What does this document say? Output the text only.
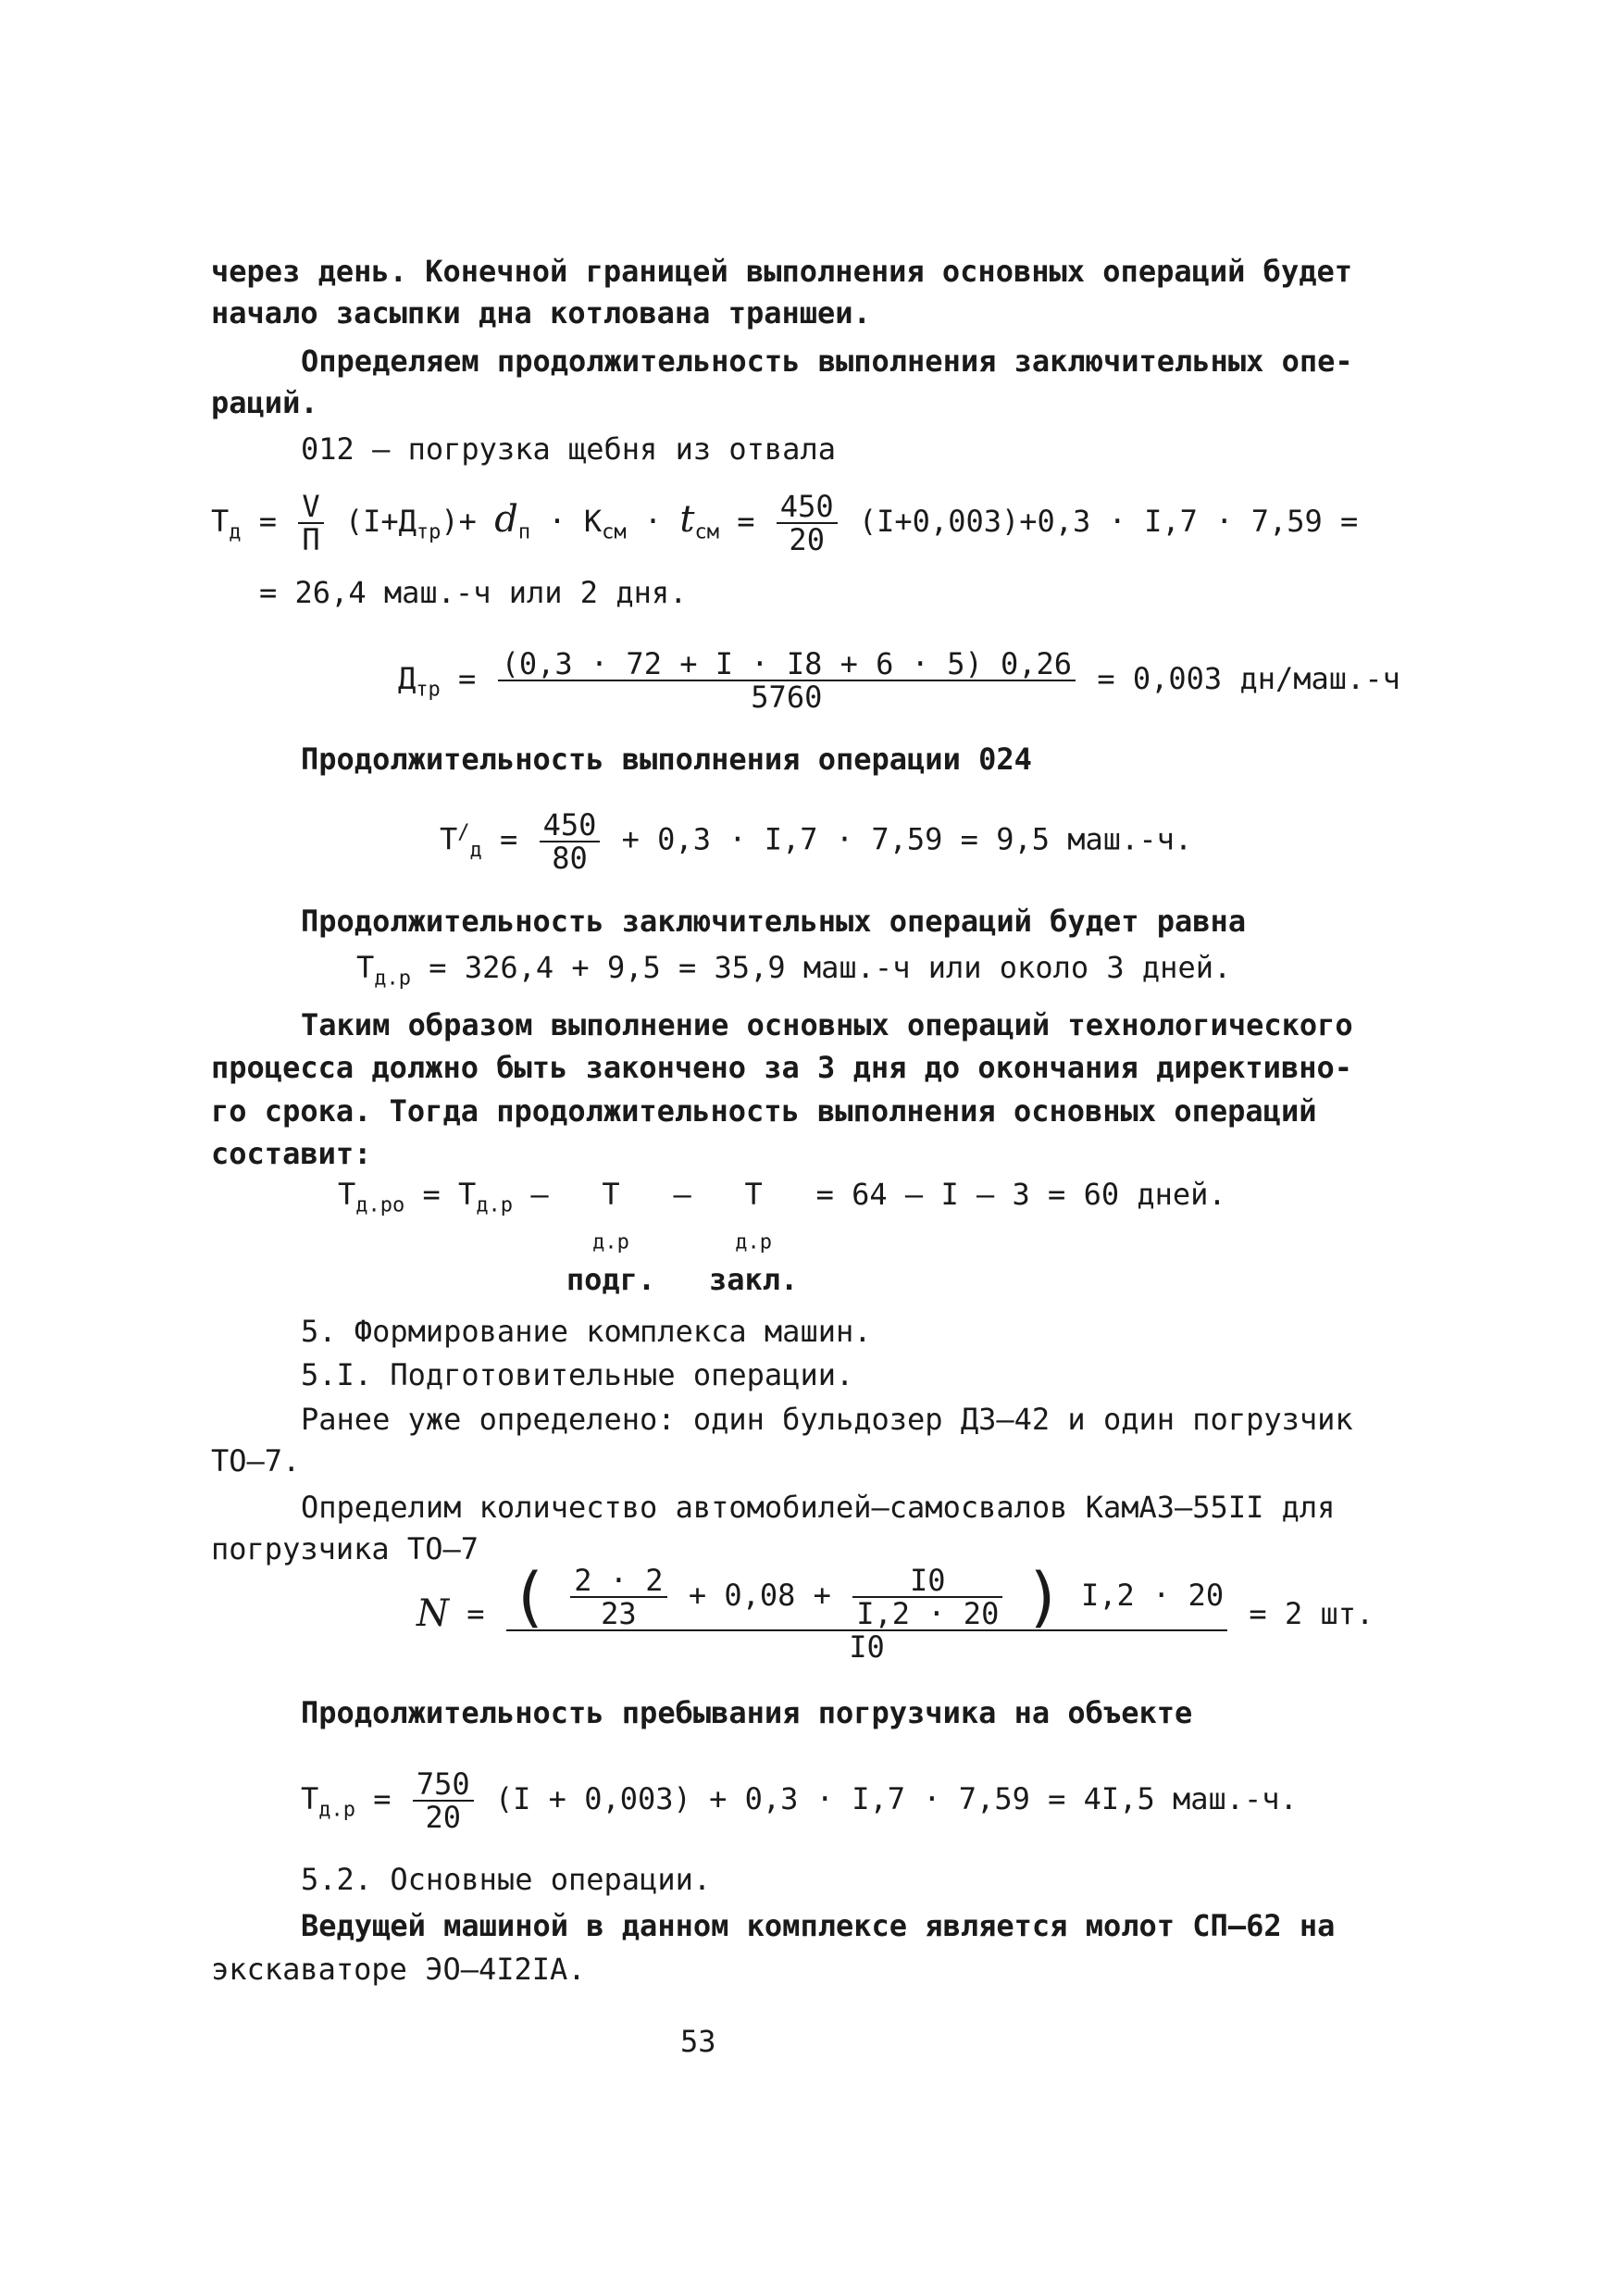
через день. Конечной границей выполнения основных операций будет
начало засыпки дна котлована траншеи.
Определяем продолжительность выполнения заключительных опе-
раций.
012 – погрузка щебня из отвала
$Т_д = \frac{V}{П} (I+Д_{тр})+ d_п \cdot К_{см} \cdot t_{см} = \frac{450}{20} (I+0,003)+0,3 \cdot I,7 \cdot 7,59$ =
= 26,4 маш.-ч или 2 дня.
$Д_{тр} = \frac{(0,3 \cdot 72 + I \cdot I8 + 6 \cdot 5) 0,26}{5760} = 0,003$ дн/маш.-ч
Продолжительность выполнения операции 024
$Т^/_д = \frac{450}{80} + 0,3 \cdot I,7 \cdot 7,59 = 9,5$ маш.-ч.
Продолжительность заключительных операций будет равна
$Т_{д.р} = 326,4 + 9,5 = 35,9$ маш.-ч или около 3 дней.
Таким образом выполнение основных операций технологического
процесса должно быть закончено за 3 дня до окончания директивно-
го срока. Тогда продолжительность выполнения основных операций
составит:
$Т_{д.ро} = Т_{д.р}$ –	Т
$_{д.р}$
подг.
–	Т
$_{д.р}$
закл.
= 64 – I – 3 = 60 дней.
5. Формирование комплекса машин.
5.I. Подготовительные операции.
Ранее уже определено: один бульдозер ДЗ–42 и один погрузчик
ТО–7.
Определим количество автомобилей–самосвалов КамАЗ–55II для
погрузчика ТО–7
N = ( $\frac{2 \cdot 2}{23} + 0,08 + \frac{I0}{I,2 \cdot 20}$ ) I,2 · 20
I0
= 2 шт.
Продолжительность пребывания погрузчика на объекте
$Т_{д.р} = \frac{750}{20} (I + 0,003) + 0,3 \cdot I,7 \cdot 7,59 = 4I,5$ маш.-ч.
5.2. Основные операции.
Ведущей машиной в данном комплексе является молот СП–62 на
экскаваторе ЭО–4I2IА.
53
